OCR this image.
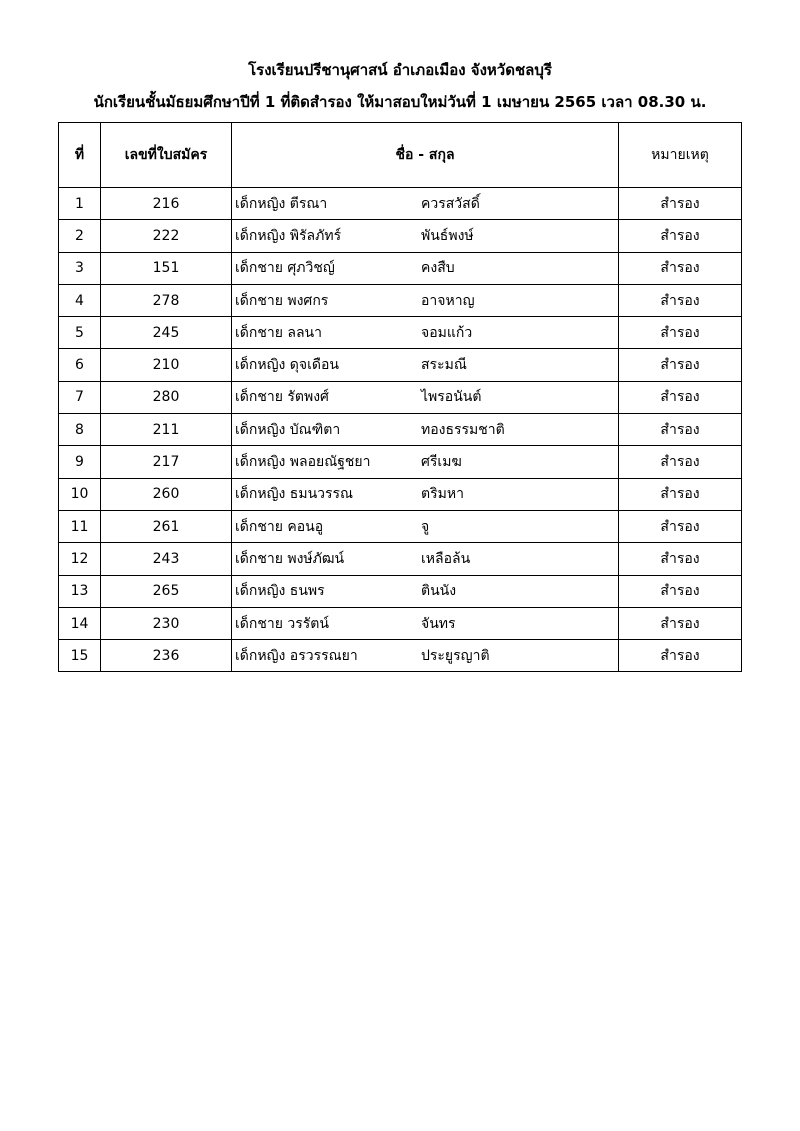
โรงเรียนปรีชานุศาสน์ อำเภอเมือง จังหวัดชลบุรี
นักเรียนชั้นมัธยมศึกษาปีที่ 1 ที่ติดสำรอง ให้มาสอบใหม่วันที่ 1 เมษายน 2565 เวลา 08.30 น.
ที่	เลขที่ใบสมัคร	ชื่อ - สกุล	หมายเหตุ
1	216	เด็กหญิง ตีรณา ควรสวัสดิ์	สำรอง
2	222	เด็กหญิง พิรัลภัทร์ พันธ์พงษ์	สำรอง
3	151	เด็กชาย ศุภวิชญ์ คงสืบ	สำรอง
4	278	เด็กชาย พงศกร อาจหาญ	สำรอง
5	245	เด็กชาย ลลนา จอมแก้ว	สำรอง
6	210	เด็กหญิง ดุจเดือน สระมณี	สำรอง
7	280	เด็กชาย รัตพงศ์ ไพรอนันต์	สำรอง
8	211	เด็กหญิง บัณฑิตา ทองธรรมชาติ	สำรอง
9	217	เด็กหญิง พลอยณัฐชยา ศรีเมฆ	สำรอง
10	260	เด็กหญิง ธมนวรรณ ตริมหา	สำรอง
11	261	เด็กชาย คอนอู จู	สำรอง
12	243	เด็กชาย พงษ์ภัฒน์ เหลือล้น	สำรอง
13	265	เด็กหญิง ธนพร ตินนัง	สำรอง
14	230	เด็กชาย วรรัตน์ จันทร	สำรอง
15	236	เด็กหญิง อรวรรณยา ประยูรญาติ	สำรอง
